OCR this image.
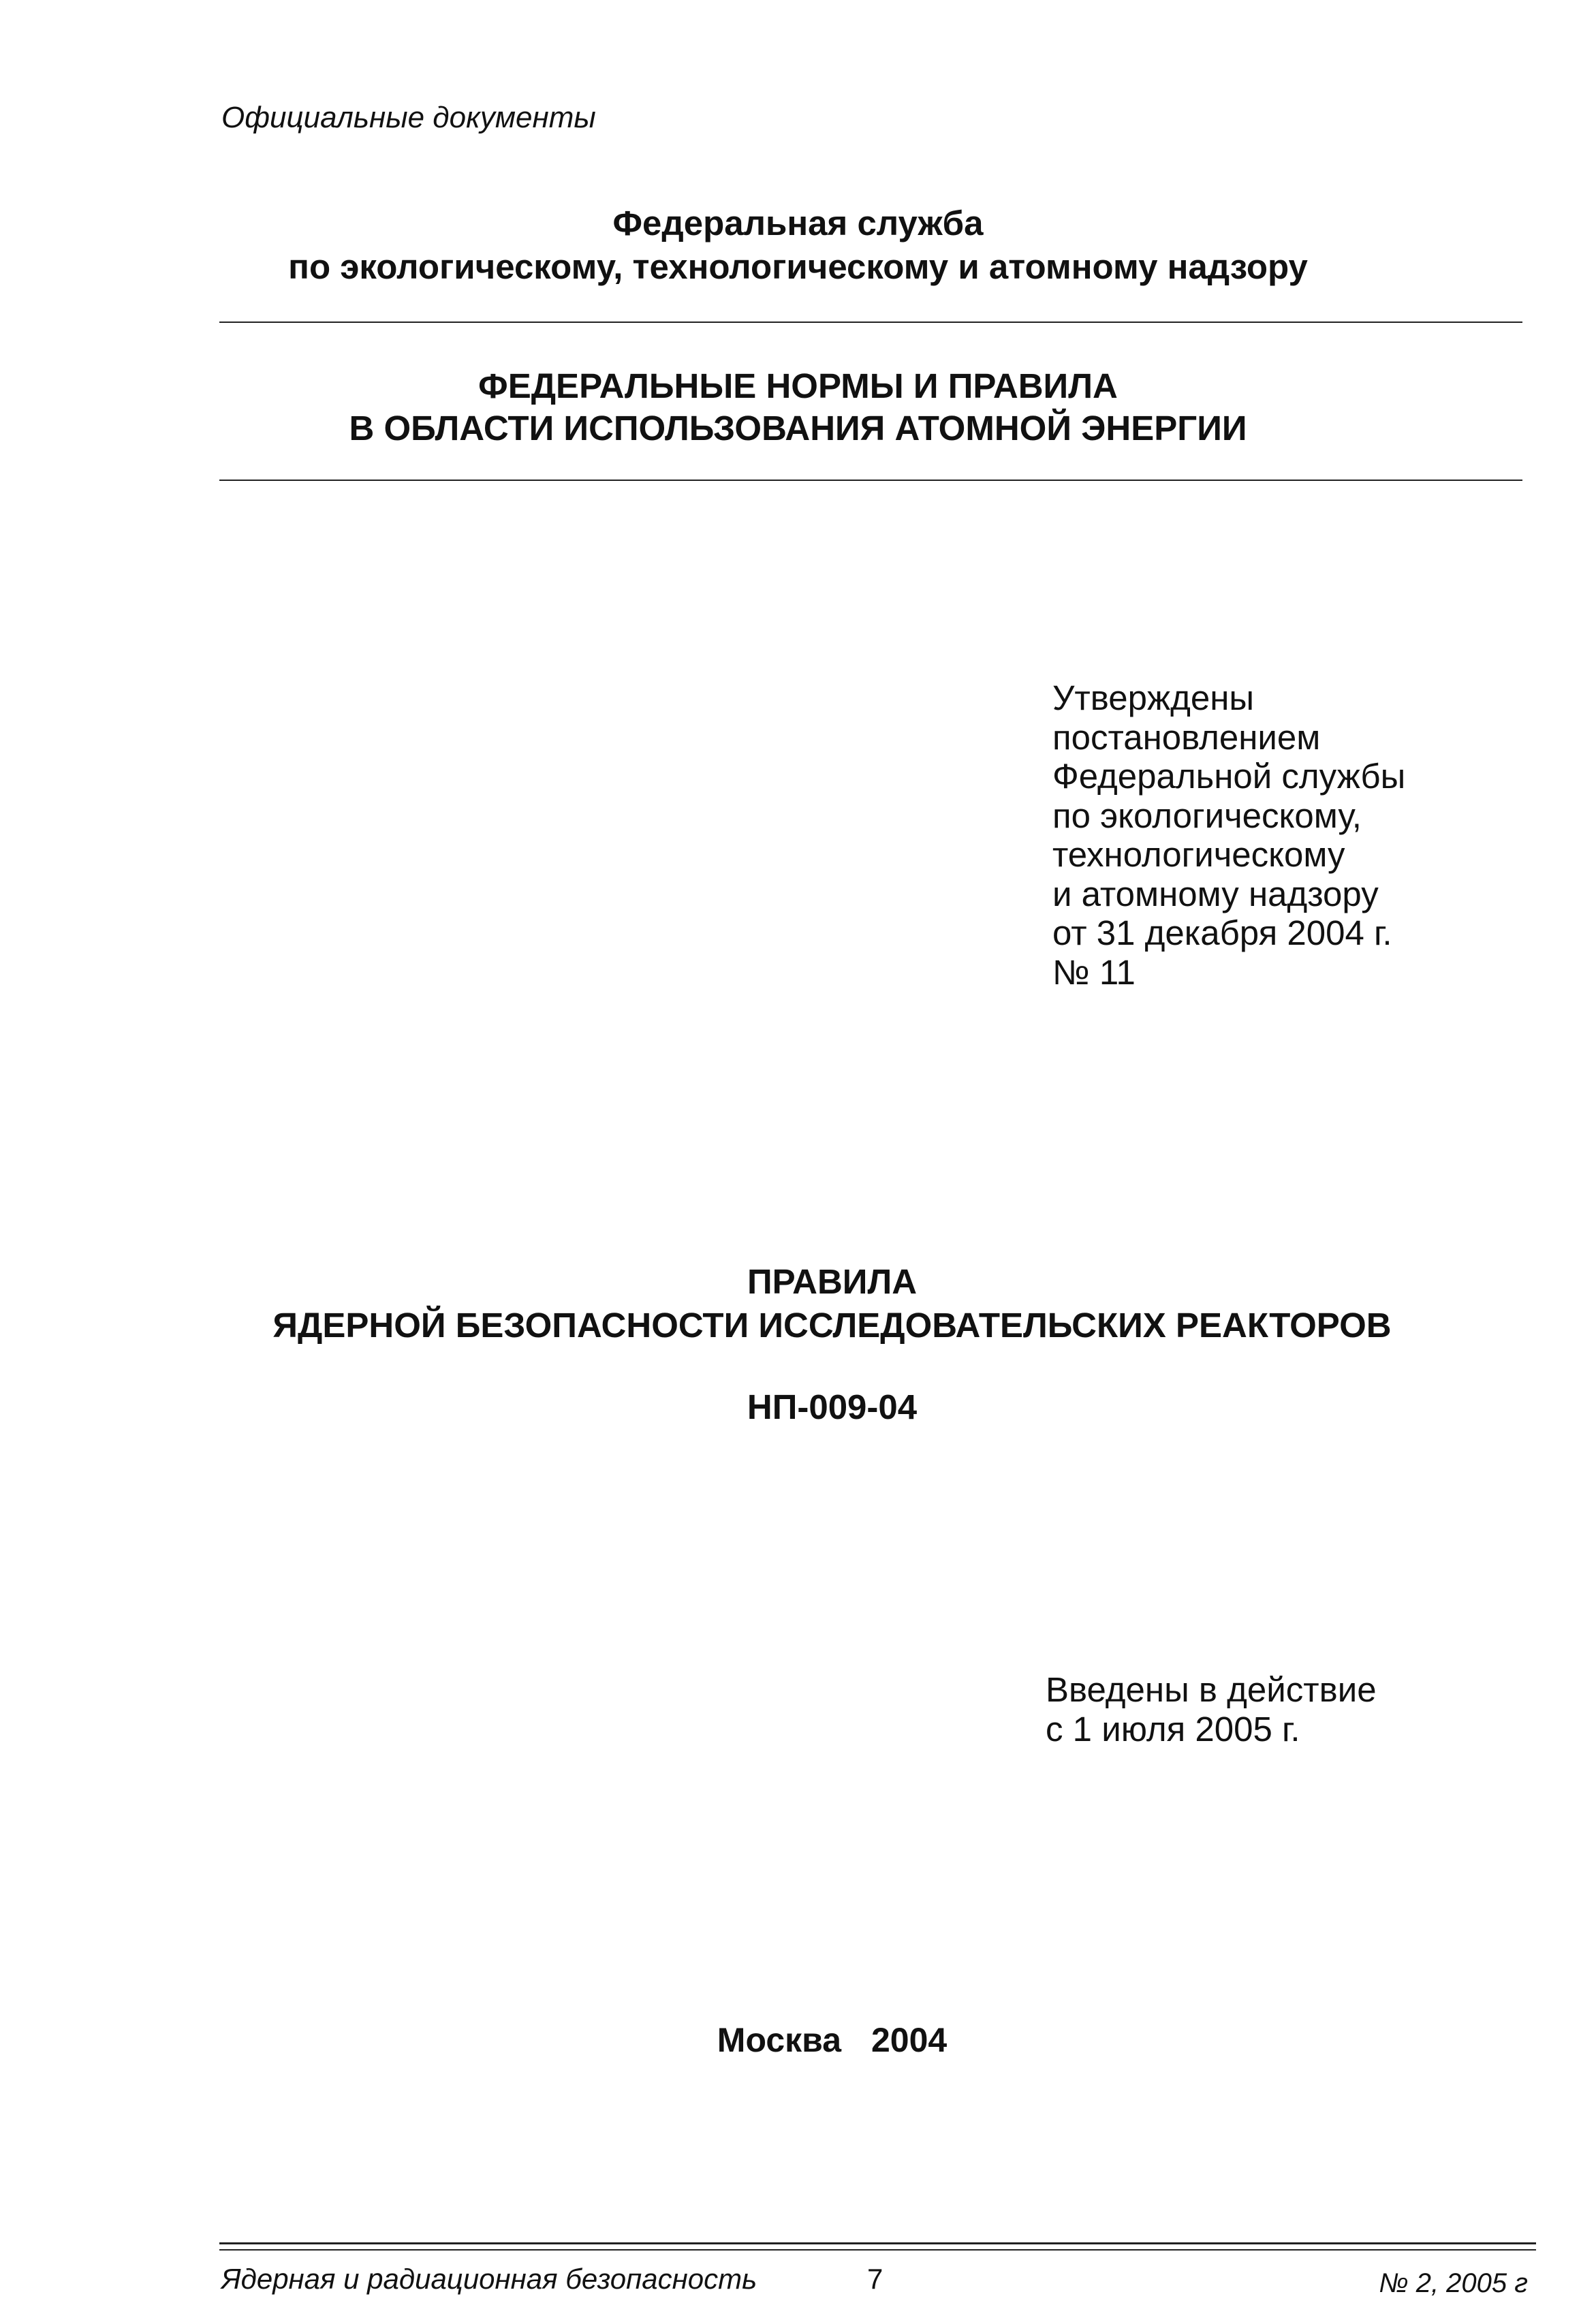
Официальные документы
Федеральная служба
по экологическому, технологическому и атомному надзору
ФЕДЕРАЛЬНЫЕ НОРМЫ И ПРАВИЛА
В ОБЛАСТИ ИСПОЛЬЗОВАНИЯ АТОМНОЙ ЭНЕРГИИ
Утверждены
постановлением
Федеральной службы
по экологическому,
технологическому
и атомному надзору
от 31 декабря 2004 г.
№ 11
ПРАВИЛА
ЯДЕРНОЙ БЕЗОПАСНОСТИ ИССЛЕДОВАТЕЛЬСКИХ РЕАКТОРОВ
НП-009-04
Введены в действие
с 1 июля 2005 г.
Москва 2004
Ядерная и радиационная безопасность	7	№ 2, 2005 г
